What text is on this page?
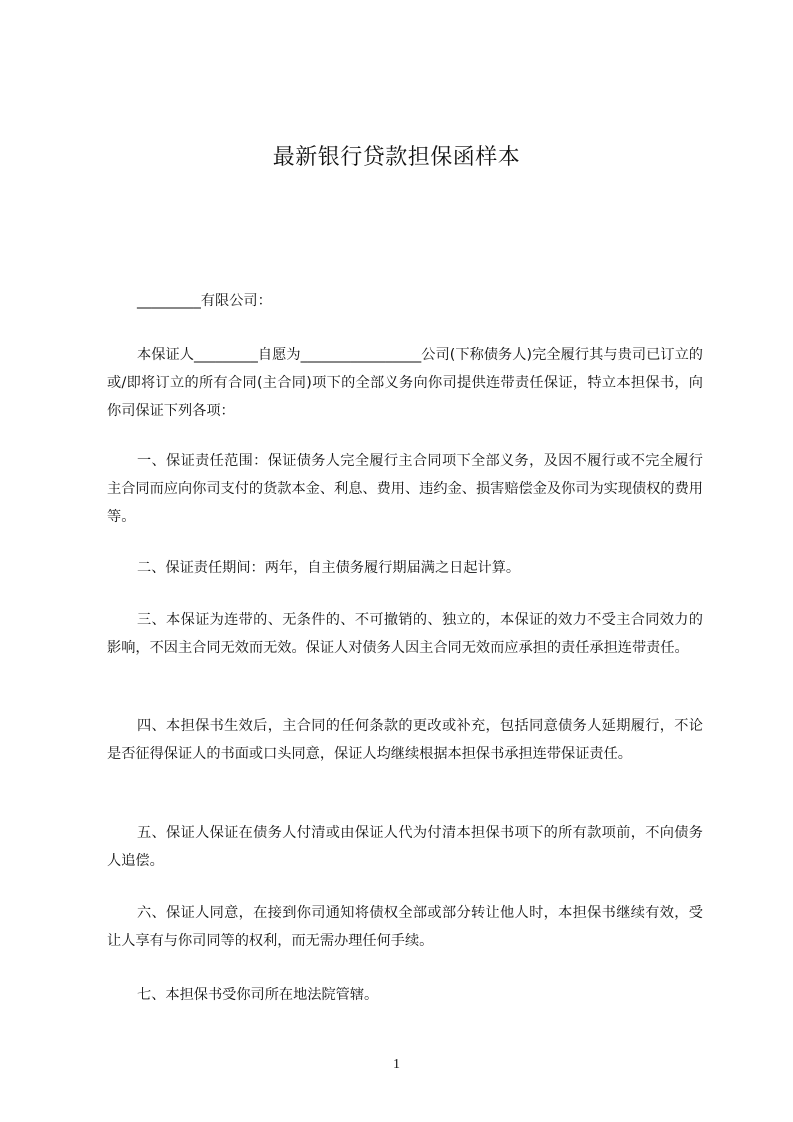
最新银行贷款担保函样本

_________有限公司：

本保证人_________自愿为_________________公司(下称债务人)完全履行其与贵司已订立的或/即将订立的所有合同(主合同)项下的全部义务向你司提供连带责任保证，特立本担保书，向你司保证下列各项：

一、保证责任范围：保证债务人完全履行主合同项下全部义务，及因不履行或不完全履行主合同而应向你司支付的货款本金、利息、费用、违约金、损害赔偿金及你司为实现债权的费用等。

二、保证责任期间：两年，自主债务履行期届满之日起计算。

三、本保证为连带的、无条件的、不可撤销的、独立的，本保证的效力不受主合同效力的影响，不因主合同无效而无效。保证人对债务人因主合同无效而应承担的责任承担连带责任。

四、本担保书生效后，主合同的任何条款的更改或补充，包括同意债务人延期履行，不论是否征得保证人的书面或口头同意，保证人均继续根据本担保书承担连带保证责任。

五、保证人保证在债务人付清或由保证人代为付清本担保书项下的所有款项前，不向债务人追偿。

六、保证人同意，在接到你司通知将债权全部或部分转让他人时，本担保书继续有效，受让人享有与你司同等的权利，而无需办理任何手续。

七、本担保书受你司所在地法院管辖。

1
